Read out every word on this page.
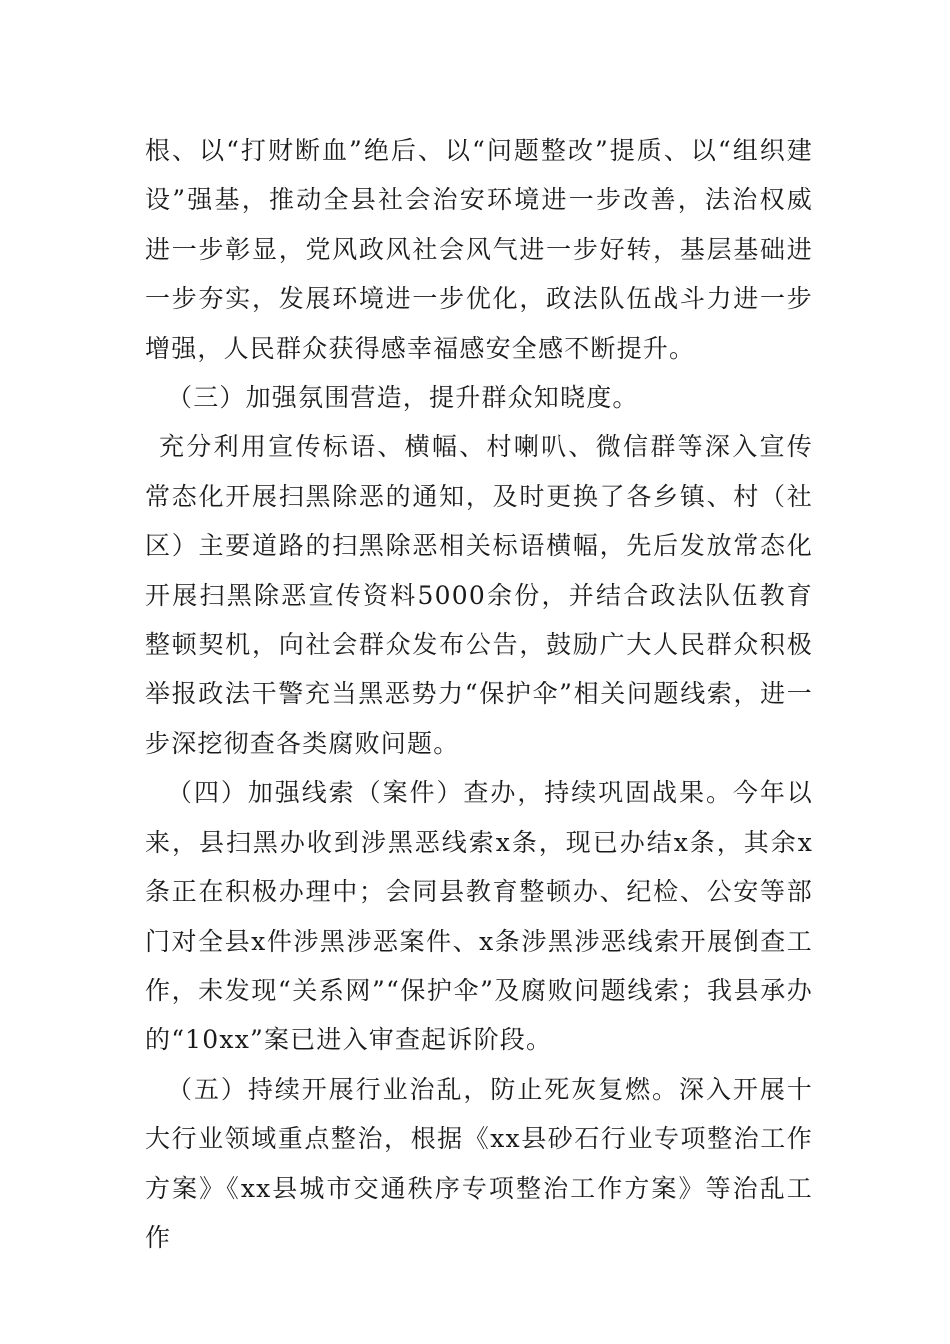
根、以“打财断血”绝后、以“问题整改”提质、以“组织建设”强基，推动全县社会治安环境进一步改善，法治权威进一步彰显，党风政风社会风气进一步好转，基层基础进一步夯实，发展环境进一步优化，政法队伍战斗力进一步增强，人民群众获得感幸福感安全感不断提升。

（三）加强氛围营造，提升群众知晓度。

充分利用宣传标语、横幅、村喇叭、微信群等深入宣传常态化开展扫黑除恶的通知，及时更换了各乡镇、村（社区）主要道路的扫黑除恶相关标语横幅，先后发放常态化开展扫黑除恶宣传资料5000余份，并结合政法队伍教育整顿契机，向社会群众发布公告，鼓励广大人民群众积极举报政法干警充当黑恶势力“保护伞”相关问题线索，进一步深挖彻查各类腐败问题。

（四）加强线索（案件）查办，持续巩固战果。今年以来，县扫黑办收到涉黑恶线索x条，现已办结x条，其余x条正在积极办理中；会同县教育整顿办、纪检、公安等部门对全县x件涉黑涉恶案件、x条涉黑涉恶线索开展倒查工作，未发现“关系网”“保护伞”及腐败问题线索；我县承办的“10xx”案已进入审查起诉阶段。

（五）持续开展行业治乱，防止死灰复燃。深入开展十大行业领域重点整治，根据《xx县砂石行业专项整治工作方案》《xx县城市交通秩序专项整治工作方案》等治乱工作
